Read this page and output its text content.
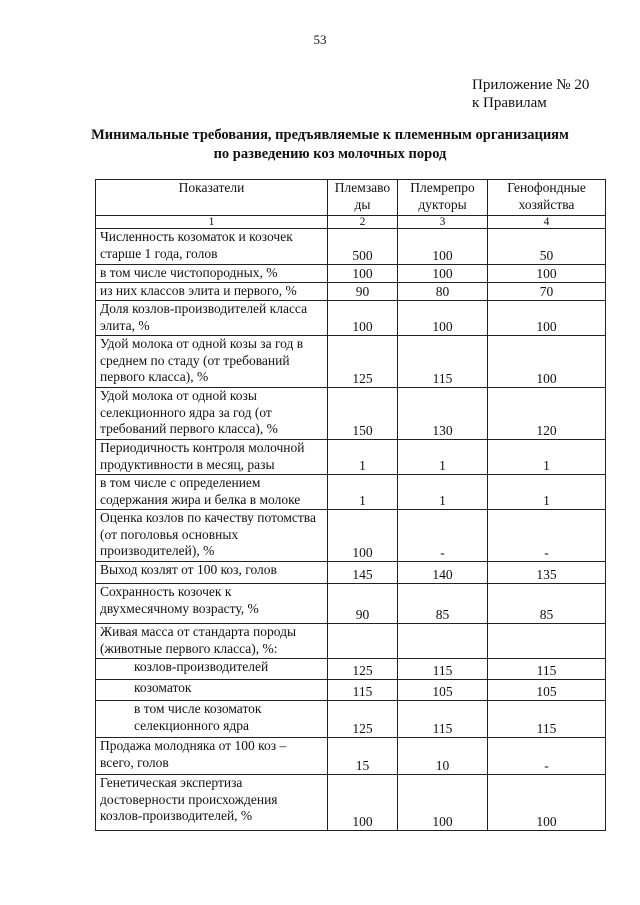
53
Приложение № 20
к Правилам
Минимальные требования, предъявляемые к племенным организациям
по разведению коз молочных пород
Показатели	Племзаво ды	Племрепро дукторы	Генофондные хозяйства
1	2	3	4
Численность козоматок и козочек старше 1 года, голов	500	100	50
в том числе чистопородных, %	100	100	100
из них классов элита и первого, %	90	80	70
Доля козлов-производителей класса элита, %	100	100	100
Удой молока от одной козы за год в среднем по стаду (от требований первого класса), %	125	115	100
Удой молока от одной козы селекционного ядра за год (от требований первого класса), %	150	130	120
Периодичность контроля молочной продуктивности в месяц, разы	1	1	1
в том числе с определением содержания жира и белка в молоке	1	1	1
Оценка козлов по качеству потомства (от поголовья основных производителей), %	100	-	-
Выход козлят от 100 коз, голов	145	140	135
Сохранность козочек к двухмесячному возрасту, %	90	85	85
Живая масса от стандарта породы (животные первого класса), %:			
козлов-производителей	125	115	115
козоматок	115	105	105
в том числе козоматок селекционного ядра	125	115	115
Продажа молодняка от 100 коз – всего, голов	15	10	-
Генетическая экспертиза достоверности происхождения козлов-производителей, %	100	100	100
